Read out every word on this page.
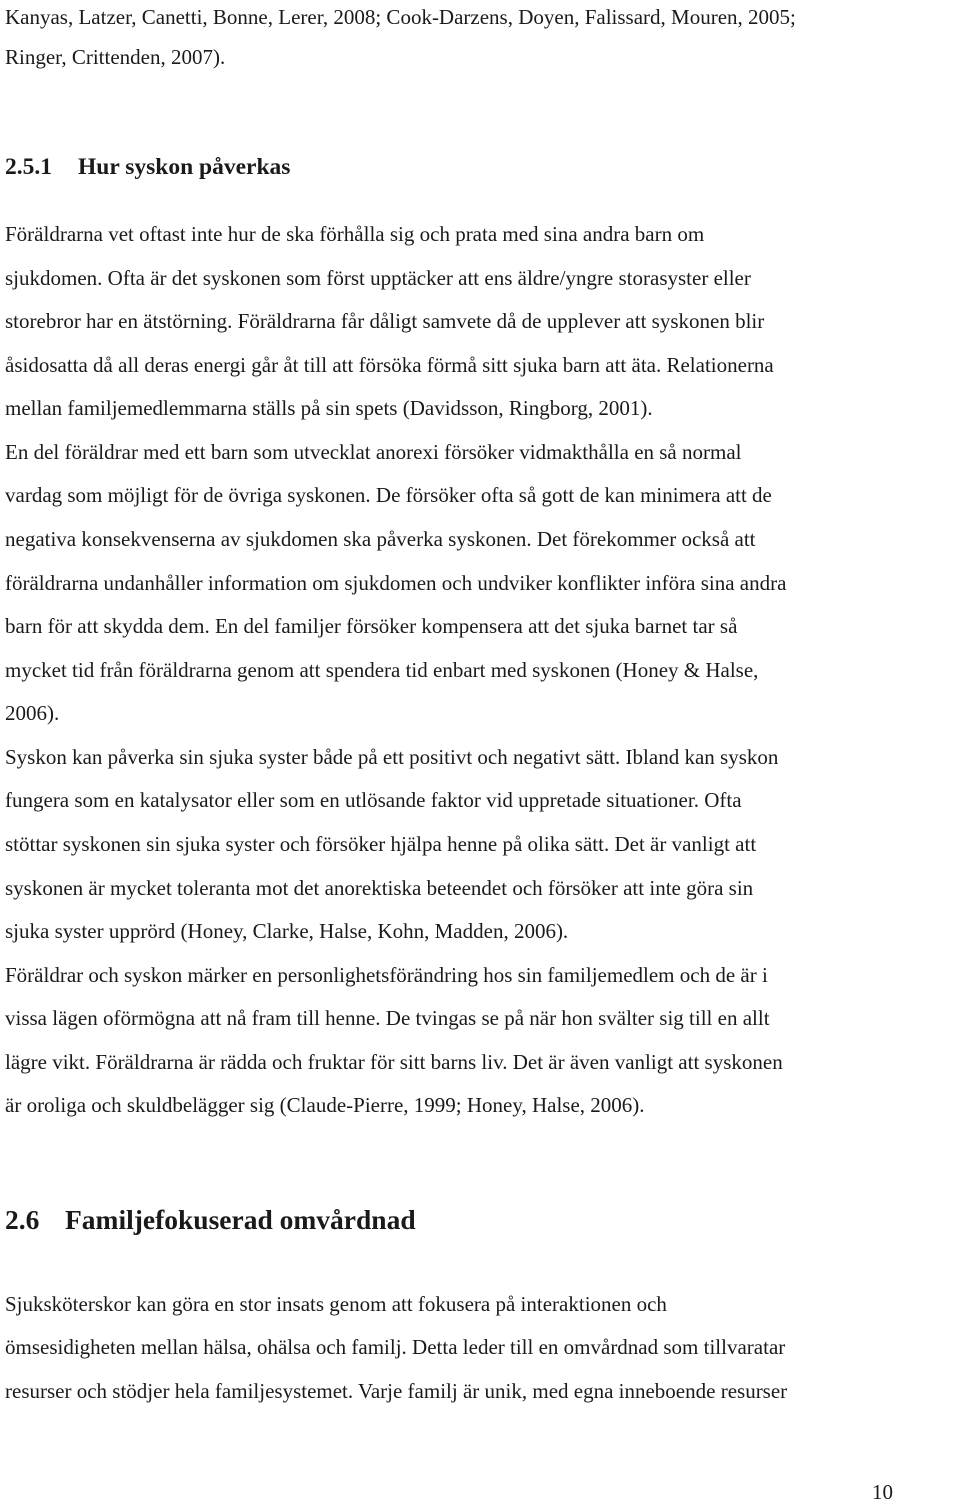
Kanyas, Latzer, Canetti, Bonne, Lerer, 2008; Cook-Darzens, Doyen, Falissard, Mouren, 2005;
Ringer, Crittenden, 2007).
2.5.1 Hur syskon påverkas
Föräldrarna vet oftast inte hur de ska förhålla sig och prata med sina andra barn om
sjukdomen. Ofta är det syskonen som först upptäcker att ens äldre/yngre storasyster eller
storebror har en ätstörning. Föräldrarna får dåligt samvete då de upplever att syskonen blir
åsidosatta då all deras energi går åt till att försöka förmå sitt sjuka barn att äta. Relationerna
mellan familjemedlemmarna ställs på sin spets (Davidsson, Ringborg, 2001).
En del föräldrar med ett barn som utvecklat anorexi försöker vidmakthålla en så normal
vardag som möjligt för de övriga syskonen. De försöker ofta så gott de kan minimera att de
negativa konsekvenserna av sjukdomen ska påverka syskonen. Det förekommer också att
föräldrarna undanhåller information om sjukdomen och undviker konflikter införa sina andra
barn för att skydda dem. En del familjer försöker kompensera att det sjuka barnet tar så
mycket tid från föräldrarna genom att spendera tid enbart med syskonen (Honey & Halse,
2006).
Syskon kan påverka sin sjuka syster både på ett positivt och negativt sätt. Ibland kan syskon
fungera som en katalysator eller som en utlösande faktor vid uppretade situationer. Ofta
stöttar syskonen sin sjuka syster och försöker hjälpa henne på olika sätt. Det är vanligt att
syskonen är mycket toleranta mot det anorektiska beteendet och försöker att inte göra sin
sjuka syster upprörd (Honey, Clarke, Halse, Kohn, Madden, 2006).
Föräldrar och syskon märker en personlighetsförändring hos sin familjemedlem och de är i
vissa lägen oförmögna att nå fram till henne. De tvingas se på när hon svälter sig till en allt
lägre vikt. Föräldrarna är rädda och fruktar för sitt barns liv. Det är även vanligt att syskonen
är oroliga och skuldbelägger sig (Claude-Pierre, 1999; Honey, Halse, 2006).
2.6 Familjefokuserad omvårdnad
Sjuksköterskor kan göra en stor insats genom att fokusera på interaktionen och
ömsesidigheten mellan hälsa, ohälsa och familj. Detta leder till en omvårdnad som tillvaratar
resurser och stödjer hela familjesystemet. Varje familj är unik, med egna inneboende resurser
10
